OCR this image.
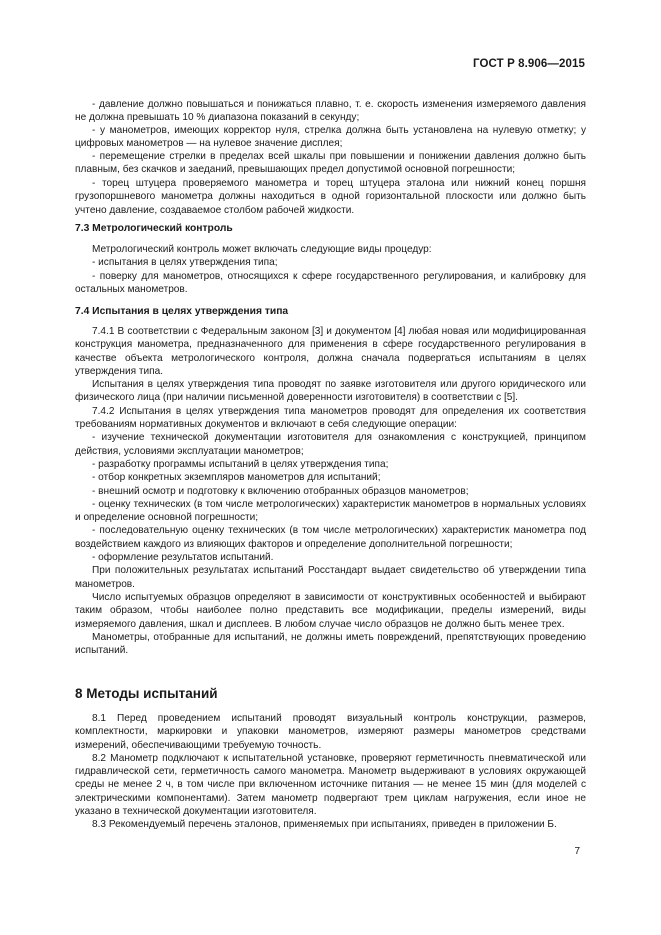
ГОСТ Р 8.906—2015

- давление должно повышаться и понижаться плавно, т. е. скорость изменения измеряемого давления не должна превышать 10 % диапазона показаний в секунду;

- у манометров, имеющих корректор нуля, стрелка должна быть установлена на нулевую отметку; у цифровых манометров — на нулевое значение дисплея;

- перемещение стрелки в пределах всей шкалы при повышении и понижении давления должно быть плавным, без скачков и заеданий, превышающих предел допустимой основной погрешности;

- торец штуцера проверяемого манометра и торец штуцера эталона или нижний конец поршня грузопоршневого манометра должны находиться в одной горизонтальной плоскости или должно быть учтено давление, создаваемое столбом рабочей жидкости.

7.3 Метрологический контроль

Метрологический контроль может включать следующие виды процедур:

- испытания в целях утверждения типа;

- поверку для манометров, относящихся к сфере государственного регулирования, и калибровку для остальных манометров.

7.4 Испытания в целях утверждения типа

7.4.1 В соответствии с Федеральным законом [3] и документом [4] любая новая или модифицированная конструкция манометра, предназначенного для применения в сфере государственного регулирования в качестве объекта метрологического контроля, должна сначала подвергаться испытаниям в целях утверждения типа.

Испытания в целях утверждения типа проводят по заявке изготовителя или другого юридического или физического лица (при наличии письменной доверенности изготовителя) в соответствии с [5].

7.4.2 Испытания в целях утверждения типа манометров проводят для определения их соответствия требованиям нормативных документов и включают в себя следующие операции:

- изучение технической документации изготовителя для ознакомления с конструкцией, принципом действия, условиями эксплуатации манометров;

- разработку программы испытаний в целях утверждения типа;

- отбор конкретных экземпляров манометров для испытаний;

- внешний осмотр и подготовку к включению отобранных образцов манометров;

- оценку технических (в том числе метрологических) характеристик манометров в нормальных условиях и определение основной погрешности;

- последовательную оценку технических (в том числе метрологических) характеристик манометра под воздействием каждого из влияющих факторов и определение дополнительной погрешности;

- оформление результатов испытаний.

При положительных результатах испытаний Росстандарт выдает свидетельство об утверждении типа манометров.

Число испытуемых образцов определяют в зависимости от конструктивных особенностей и выбирают таким образом, чтобы наиболее полно представить все модификации, пределы измерений, виды измеряемого давления, шкал и дисплеев. В любом случае число образцов не должно быть менее трех.

Манометры, отобранные для испытаний, не должны иметь повреждений, препятствующих проведению испытаний.

8 Методы испытаний

8.1 Перед проведением испытаний проводят визуальный контроль конструкции, размеров, комплектности, маркировки и упаковки манометров, измеряют размеры манометров средствами измерений, обеспечивающими требуемую точность.

8.2 Манометр подключают к испытательной установке, проверяют герметичность пневматической или гидравлической сети, герметичность самого манометра. Манометр выдерживают в условиях окружающей среды не менее 2 ч, в том числе при включенном источнике питания — не менее 15 мин (для моделей с электрическими компонентами). Затем манометр подвергают трем циклам нагружения, если иное не указано в технической документации изготовителя.

8.3 Рекомендуемый перечень эталонов, применяемых при испытаниях, приведен в приложении Б.

7
